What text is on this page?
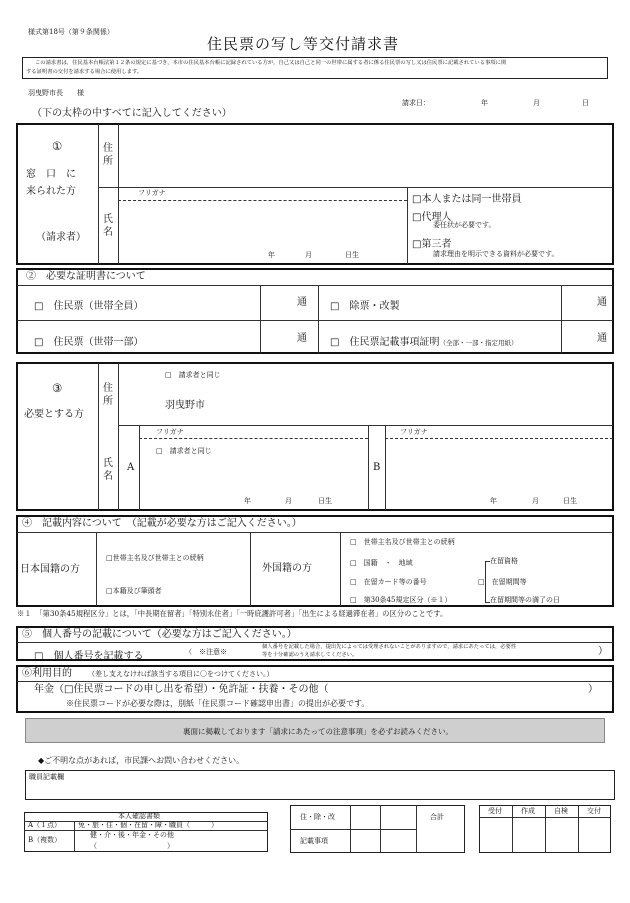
様式第18号（第９条関係）
住民票の写し等交付請求書
この請求書は，住民基本台帳法第１２条の規定に基づき，本市の住民基本台帳に記録されている方が，自己又は自己と同一の世帯に属する者に係る住民票の写し又は住民票に記載されている事項に関
する証明書の交付を請求する場合に使用します。
羽曳野市長　　様
請求日：	年	月	日
（下の太枠の中すべてに記入してください）
①
窓　口　に
来られた方
（請求者）
住所
フリガナ
氏名
年	月	日生
□ 本人または同一世帯員
□ 代理人
委任状が必要です。
□ 第三者
請求理由を明示できる資料が必要です。
②　必要な証明書について
□ 　住民票（世帯全員）	通 □ 　	除票・改製	通
□ 　住民票（世帯一部）	通 □ 　	住民票記載事項証明（全部・一部・指定用紙）	通
③
必要とする方
住所
□ 　請求者と同じ
羽曳野市
氏名
A	B
フリガナ	フリガナ
□ 　請求者と同じ
年	月	日生	年	月	日生
④　記載内容について　（記載が必要な方はご記入ください。）
日本国籍の方
□ 世帯主名及び世帯主との続柄
□ 本籍及び筆頭者
外国籍の方
□ 　世帯主名及び世帯主との続柄
□ 　国籍　・　地域
□ 　在留カード等の番号
□ 　第30条45規定区分（※１）
在留資格
□ 　在留期間等
在留期間等の満了の日
※１　「第30条45規程区分」とは，「中長期在留者」「特別永住者」「一時庇護許可者」「出生による経過滞在者」の区分のことです。
⑤　個人番号の記載について（必要な方はご記入ください。）
□ 　個人番号を記載する	（　※注意※
個人番号を記載した場合，提出先によっては受理されないことがありますので，請求にあたっては，必要性
等を十分確認のうえ請求してください。	）
⑥利用目的 （差し支えなければ該当する項目に〇をつけてください。）
年金（□住民票コードの申し出を希望）・免許証・扶養・その他（	）
※住民票コードが必要な際は，別紙「住民票コード確認申出書」の提出が必要です。
裏面に掲載しております「請求にあたっての注意事項」を必ずお読みください。
◆ご不明な点があれば，市民課へお問い合わせください。
職員記載欄
本人確認書類
A（１点） 免・旅・住・個・在留・障・職員（　　　）
B（複数）
健・介・後・年金・その他
（　　　　　　　　　　）
住・除・改
記載事項
合計
受付	作成	自検	交付
